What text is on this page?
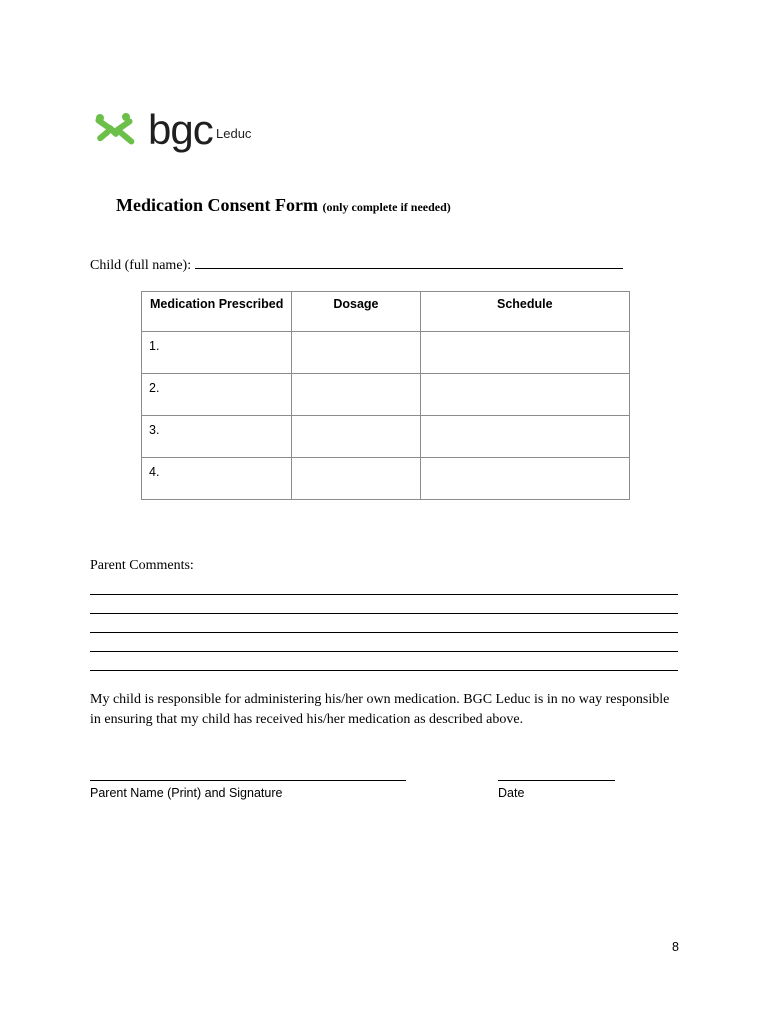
bgc Leduc
Medication Consent Form (only complete if needed)
Child (full name):
Medication Prescribed	Dosage	Schedule
1.		
2.		
3.		
4.		
Parent Comments:
My child is responsible for administering his/her own medication. BGC Leduc is in no way responsible in ensuring that my child has received his/her medication as described above.
Parent Name (Print) and Signature	Date
8
